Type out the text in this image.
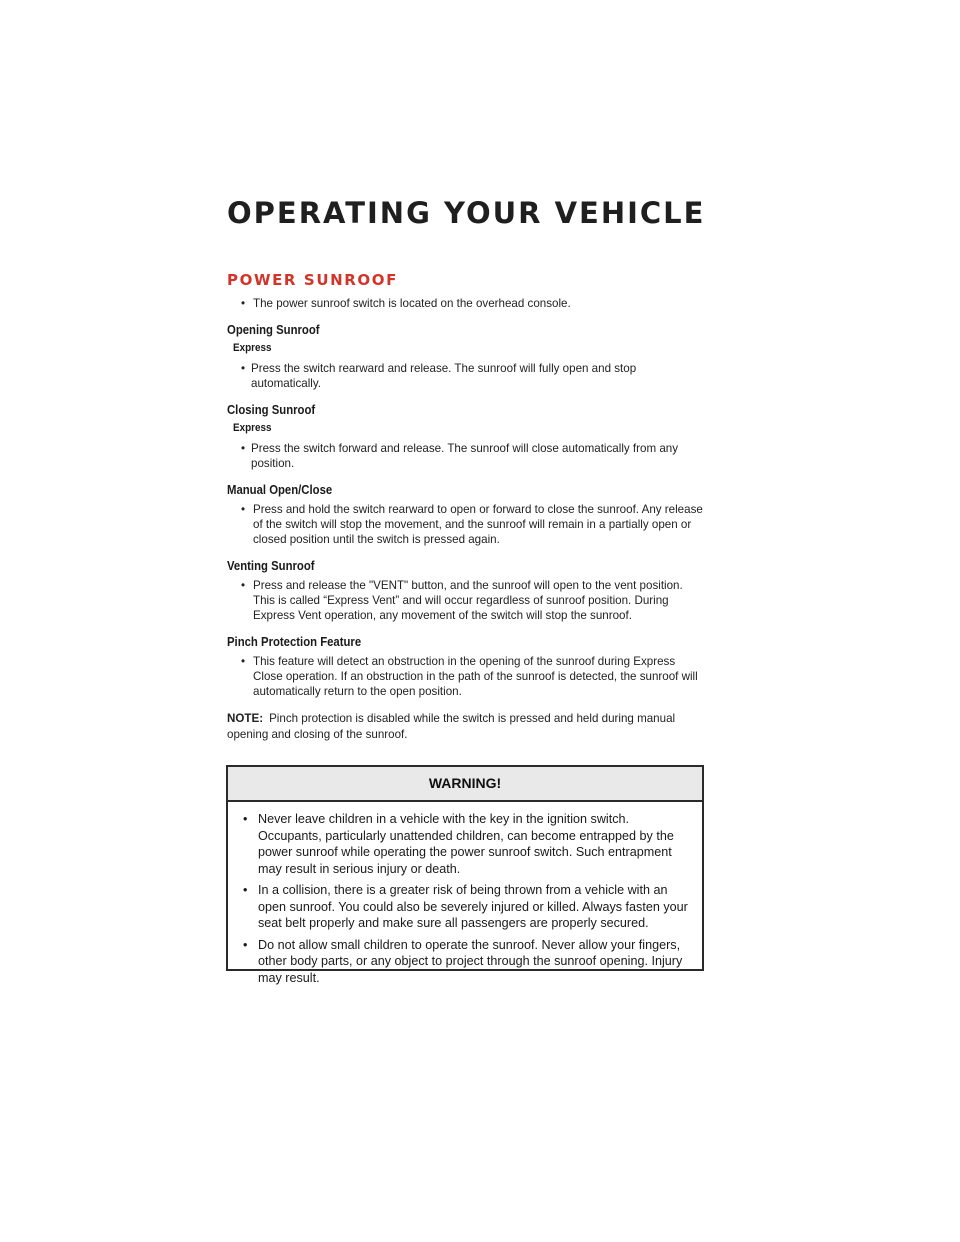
OPERATING YOUR VEHICLE
POWER SUNROOF

• The power sunroof switch is located on the overhead console.

Opening Sunroof
Express

• Press the switch rearward and release. The sunroof will fully open and stop automatically.

Closing Sunroof
Express

• Press the switch forward and release. The sunroof will close automatically from any position.

Manual Open/Close

• Press and hold the switch rearward to open or forward to close the sunroof. Any release of the switch will stop the movement, and the sunroof will remain in a partially open or closed position until the switch is pressed again.

Venting Sunroof

• Press and release the "VENT" button, and the sunroof will open to the vent position. This is called “Express Vent” and will occur regardless of sunroof position. During Express Vent operation, any movement of the switch will stop the sunroof.

Pinch Protection Feature

• This feature will detect an obstruction in the opening of the sunroof during Express Close operation. If an obstruction in the path of the sunroof is detected, the sunroof will automatically return to the open position.

NOTE: Pinch protection is disabled while the switch is pressed and held during manual opening and closing of the sunroof.

WARNING!

• Never leave children in a vehicle with the key in the ignition switch. Occupants, particularly unattended children, can become entrapped by the power sunroof while operating the power sunroof switch. Such entrapment may result in serious injury or death.

• In a collision, there is a greater risk of being thrown from a vehicle with an open sunroof. You could also be severely injured or killed. Always fasten your seat belt properly and make sure all passengers are properly secured.

• Do not allow small children to operate the sunroof. Never allow your fingers, other body parts, or any object to project through the sunroof opening. Injury may result.
